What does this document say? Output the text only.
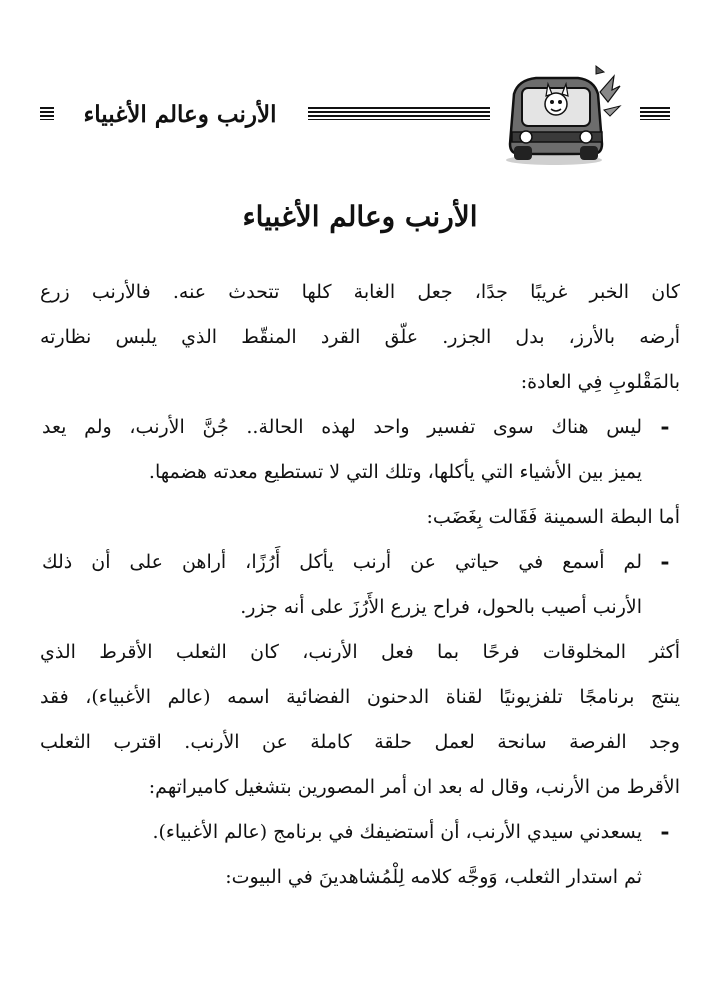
الأرنب وعالم الأغبياء
الأرنب وعالم الأغبياء
كان الخبر غريبًا جدًا، جعل الغابة كلها تتحدث عنه. فالأرنب زرع
أرضه بالأرز، بدل الجزر. علّق القرد المنقّط الذي يلبس نظارته
بالمَقْلوبِ فِي العادة:
-
ليس هناك سوى تفسير واحد لهذه الحالة.. جُنَّ الأرنب، ولم يعد
يميز بين الأشياء التي يأكلها، وتلك التي لا تستطيع معدته هضمها.
أما البطة السمينة فَقَالت بِغَضَب:
-
لم أسمع في حياتي عن أرنب يأكل أَرُزًا، أراهن على أن ذلك
الأرنب أصيب بالحول، فراح يزرع الأَرُزَ على أنه جزر.
أكثر المخلوقات فرحًا بما فعل الأرنب، كان الثعلب الأقرط الذي
ينتج برنامجًا تلفزيونيًا لقناة الدحنون الفضائية اسمه (عالم الأغبياء)، فقد
وجد الفرصة سانحة لعمل حلقة كاملة عن الأرنب. اقترب الثعلب
الأقرط من الأرنب، وقال له بعد ان أمر المصورين بتشغيل كاميراتهم:
-
يسعدني سيدي الأرنب، أن أستضيفك في برنامج (عالم الأغبياء).
ثم استدار الثعلب، وَوجَّه كلامه لِلْمُشاهدينَ في البيوت:
